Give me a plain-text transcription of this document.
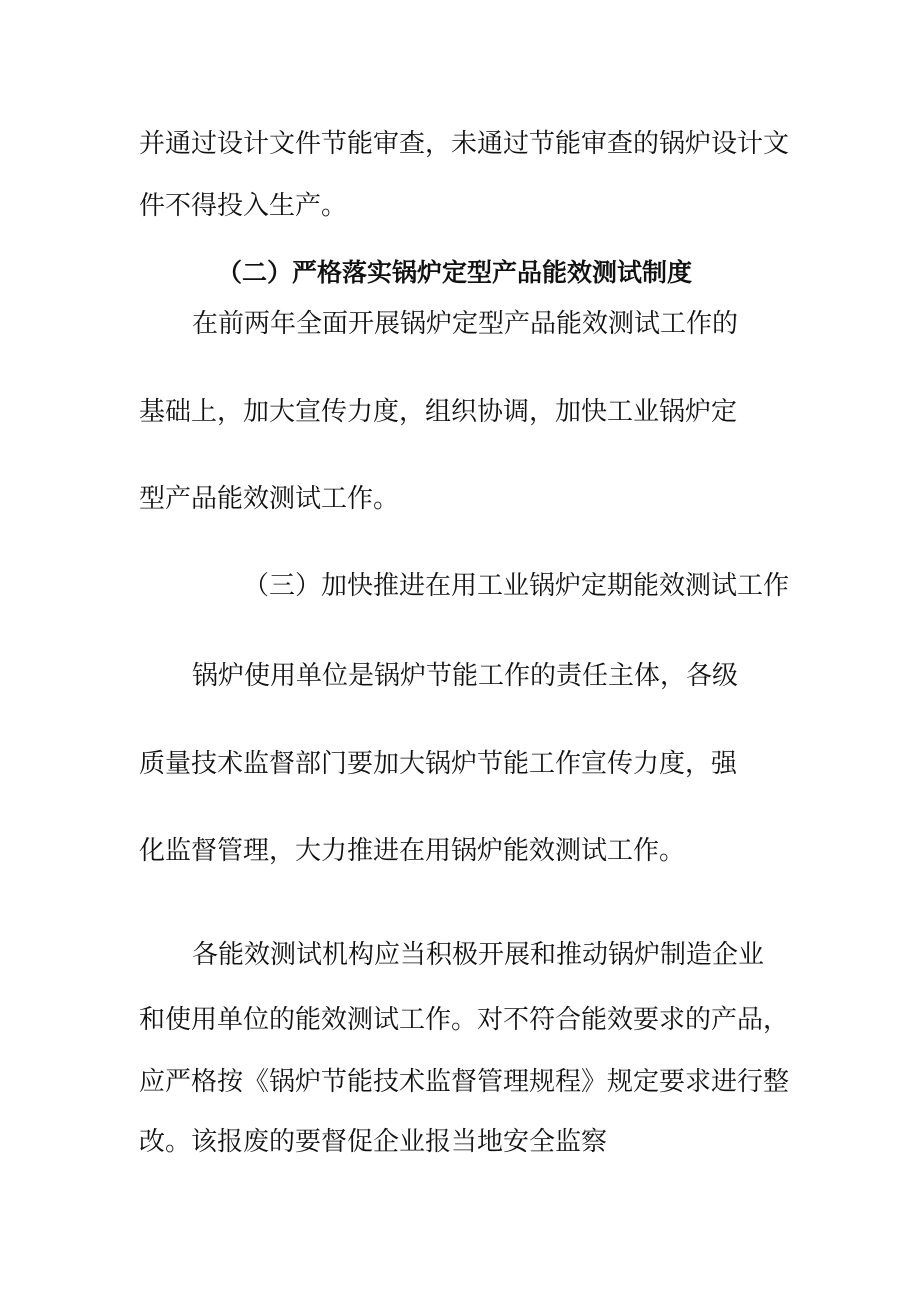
并通过设计文件节能审查，未通过节能审查的锅炉设计文
件不得投入生产。
（二）严格落实锅炉定型产品能效测试制度
在前两年全面开展锅炉定型产品能效测试工作的
基础上，加大宣传力度，组织协调，加快工业锅炉定
型产品能效测试工作。
（三）加快推进在用工业锅炉定期能效测试工作
锅炉使用单位是锅炉节能工作的责任主体，各级
质量技术监督部门要加大锅炉节能工作宣传力度，强
化监督管理，大力推进在用锅炉能效测试工作。
各能效测试机构应当积极开展和推动锅炉制造企业
和使用单位的能效测试工作。对不符合能效要求的产品，
应严格按《锅炉节能技术监督管理规程》规定要求进行整
改。该报废的要督促企业报当地安全监察
